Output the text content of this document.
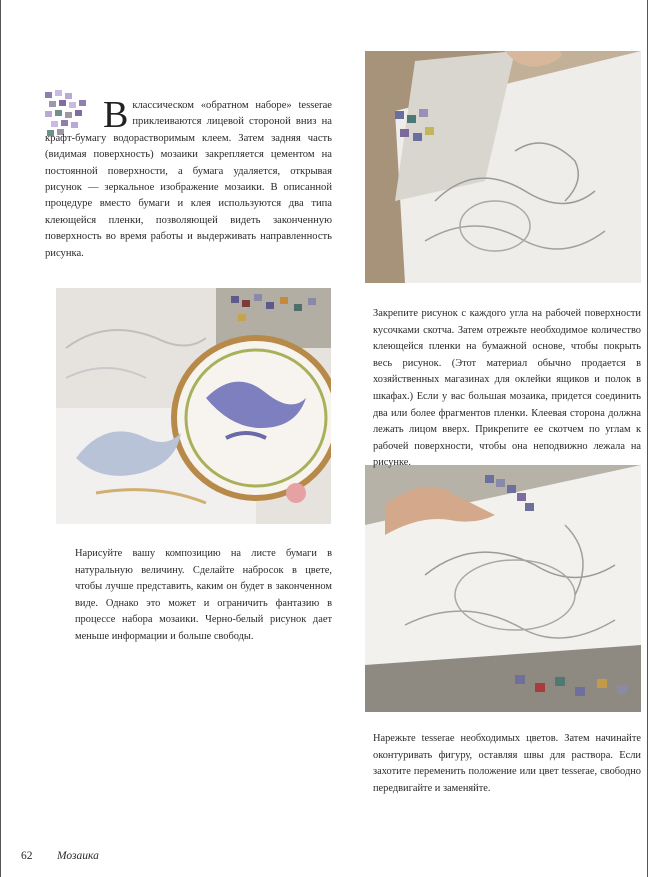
В классическом «обратном наборе» tesserae приклеиваются лицевой стороной вниз на крафт-бумагу водорастворимым клеем. Затем задняя часть (видимая поверхность) мозаики закрепляется цементом на постоянной поверхности, а бумага удаляется, открывая рисунок — зеркальное изображение мозаики. В описанной процедуре вместо бумаги и клея используются два типа клеющейся пленки, позволяющей видеть законченную поверхность во время работы и выдерживать направленность рисунка.
Нарисуйте вашу композицию на листе бумаги в натуральную величину. Сделайте набросок в цвете, чтобы лучше представить, каким он будет в законченном виде. Однако это может и ограничить фантазию в процессе набора мозаики. Черно-белый рисунок дает меньше информации и больше свободы.
Закрепите рисунок с каждого угла на рабочей поверхности кусочками скотча. Затем отрежьте необходимое количество клеющейся пленки на бумажной основе, чтобы покрыть весь рисунок. (Этот материал обычно продается в хозяйственных магазинах для оклейки ящиков и полок в шкафах.) Если у вас большая мозаика, придется соединить два или более фрагментов пленки. Клеевая сторона должна лежать лицом вверх. Прикрепите ее скотчем по углам к рабочей поверхности, чтобы она неподвижно лежала на рисунке.
Нарежьте tesserae необходимых цветов. Затем начинайте оконтуривать фигуру, оставляя швы для раствора. Если захотите переменить положение или цвет tesserae, свободно передвигайте и заменяйте.
62 Мозаика
